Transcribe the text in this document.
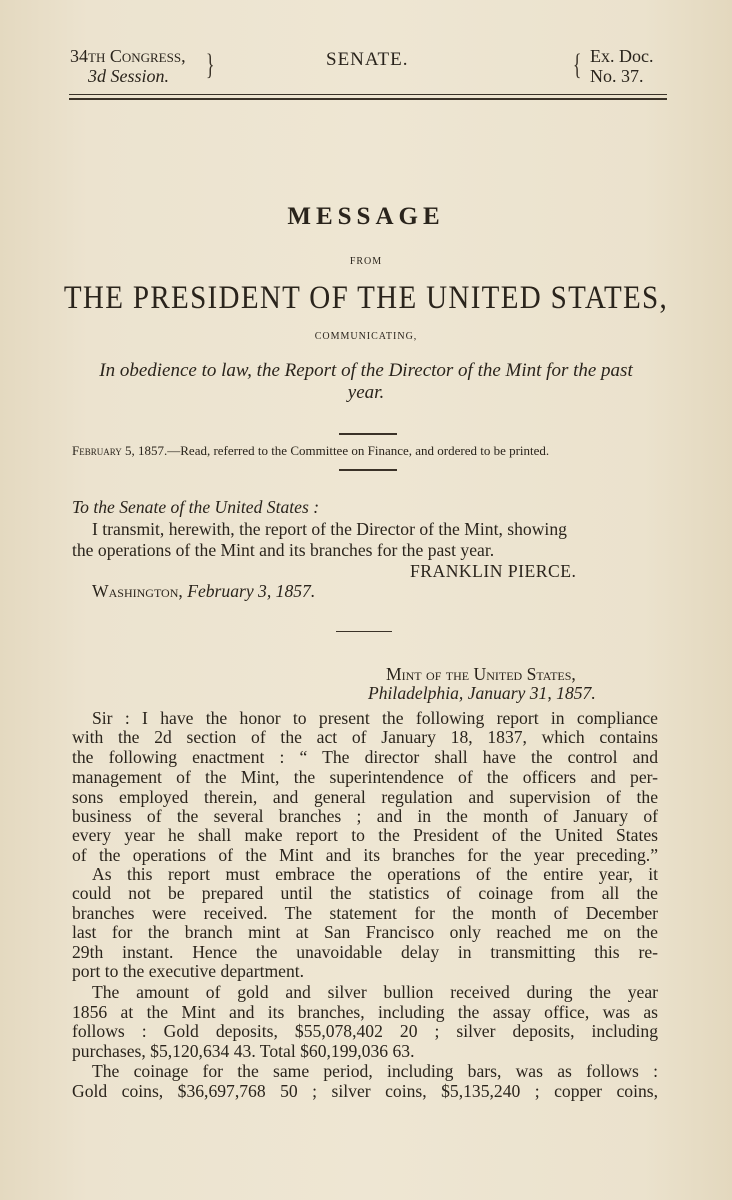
34th Congress,
3d Session.	}	SENATE.	{ Ex. Doc.
No. 37.
MESSAGE
FROM
THE PRESIDENT OF THE UNITED STATES,
COMMUNICATING,
In obedience to law, the Report of the Director of the Mint for the past
year.
February 5, 1857.—Read, referred to the Committee on Finance, and ordered to be printed.
To the Senate of the United States :
I transmit, herewith, the report of the Director of the Mint, showing
the operations of the Mint and its branches for the past year.
FRANKLIN PIERCE.
Washington, February 3, 1857.
Mint of the United States,
Philadelphia, January 31, 1857.
Sir : I have the honor to present the following report in compliance
with the 2d section of the act of January 18, 1837, which contains
the following enactment : “ The director shall have the control and
management of the Mint, the superintendence of the officers and per-
sons employed therein, and general regulation and supervision of the
business of the several branches ; and in the month of January of
every year he shall make report to the President of the United States
of the operations of the Mint and its branches for the year preceding.”
As this report must embrace the operations of the entire year, it
could not be prepared until the statistics of coinage from all the
branches were received. The statement for the month of December
last for the branch mint at San Francisco only reached me on the
29th instant. Hence the unavoidable delay in transmitting this re-
port to the executive department.
The amount of gold and silver bullion received during the year
1856 at the Mint and its branches, including the assay office, was as
follows : Gold deposits, $55,078,402 20 ; silver deposits, including
purchases, $5,120,634 43. Total $60,199,036 63.
The coinage for the same period, including bars, was as follows :
Gold coins, $36,697,768 50 ; silver coins, $5,135,240 ; copper coins,
